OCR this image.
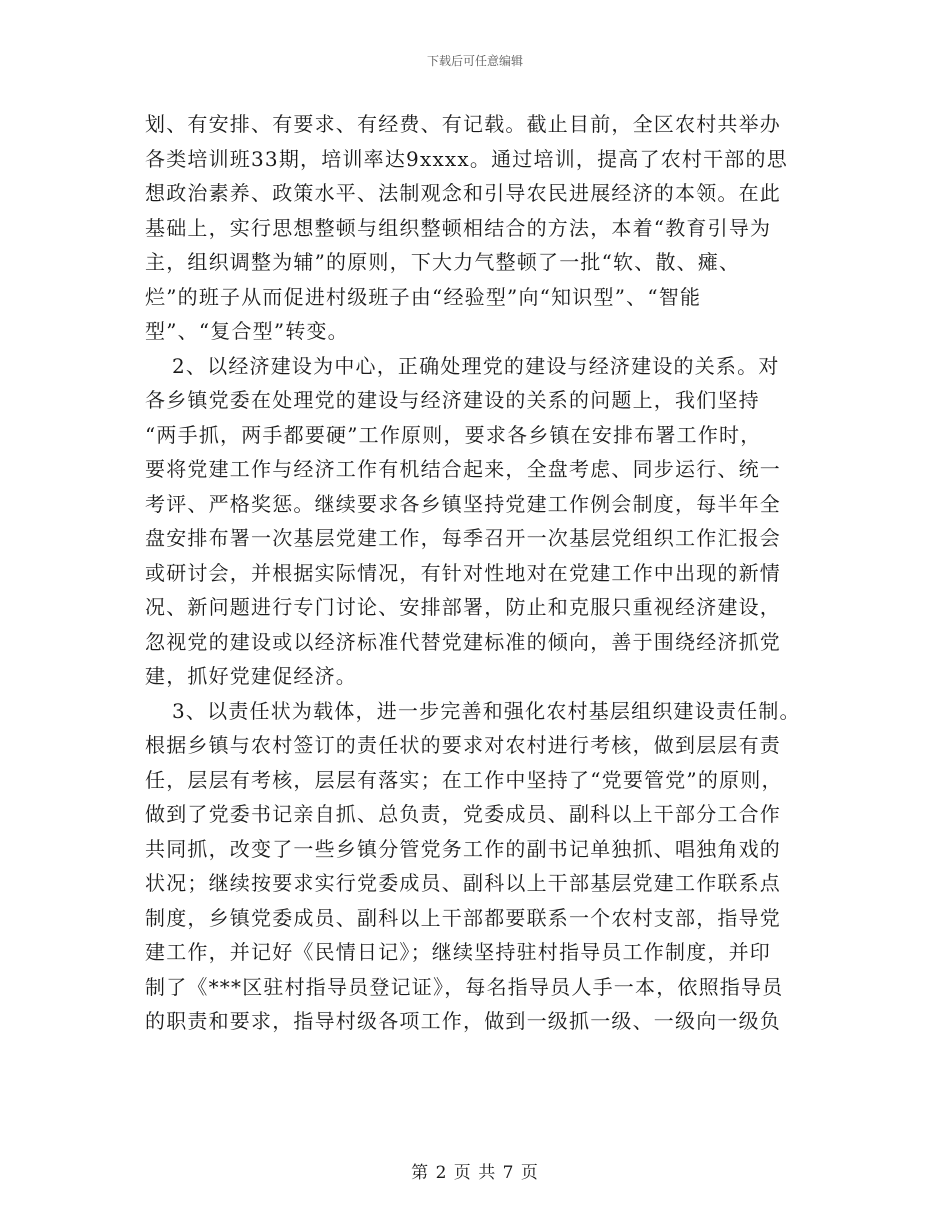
下载后可任意编辑
划、有安排、有要求、有经费、有记载。截止目前，全区农村共举办
各类培训班33期，培训率达9xxxx。通过培训，提高了农村干部的思
想政治素养、政策水平、法制观念和引导农民进展经济的本领。在此
基础上，实行思想整顿与组织整顿相结合的方法，本着“教育引导为
主，组织调整为辅”的原则，下大力气整顿了一批“软、散、瘫、
烂”的班子从而促进村级班子由“经验型”向“知识型”、“智能
型”、“复合型”转变。
2、以经济建设为中心，正确处理党的建设与经济建设的关系。对
各乡镇党委在处理党的建设与经济建设的关系的问题上，我们坚持
“两手抓，两手都要硬”工作原则，要求各乡镇在安排布署工作时，
要将党建工作与经济工作有机结合起来，全盘考虑、同步运行、统一
考评、严格奖惩。继续要求各乡镇坚持党建工作例会制度，每半年全
盘安排布署一次基层党建工作，每季召开一次基层党组织工作汇报会
或研讨会，并根据实际情况，有针对性地对在党建工作中出现的新情
况、新问题进行专门讨论、安排部署，防止和克服只重视经济建设，
忽视党的建设或以经济标准代替党建标准的倾向，善于围绕经济抓党
建，抓好党建促经济。
3、以责任状为载体，进一步完善和强化农村基层组织建设责任制。
根据乡镇与农村签订的责任状的要求对农村进行考核，做到层层有责
任，层层有考核，层层有落实；在工作中坚持了“党要管党”的原则，
做到了党委书记亲自抓、总负责，党委成员、副科以上干部分工合作
共同抓，改变了一些乡镇分管党务工作的副书记单独抓、唱独角戏的
状况；继续按要求实行党委成员、副科以上干部基层党建工作联系点
制度，乡镇党委成员、副科以上干部都要联系一个农村支部，指导党
建工作，并记好《民情日记》；继续坚持驻村指导员工作制度，并印
制了《***区驻村指导员登记证》，每名指导员人手一本，依照指导员
的职责和要求，指导村级各项工作，做到一级抓一级、一级向一级负
第 2 页 共 7 页
